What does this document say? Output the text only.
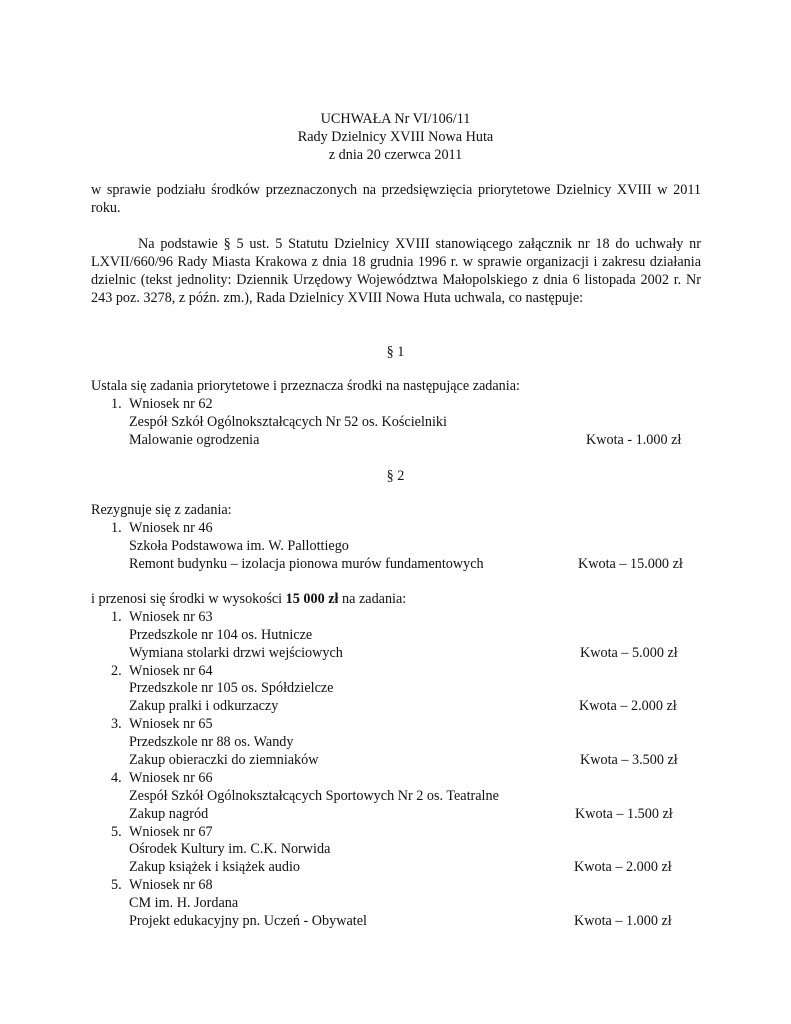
UCHWAŁA Nr VI/106/11
Rady Dzielnicy XVIII Nowa Huta
z dnia 20 czerwca 2011
w sprawie podziału środków przeznaczonych na przedsięwzięcia priorytetowe Dzielnicy XVIII w 2011 roku.
Na podstawie § 5 ust. 5 Statutu Dzielnicy XVIII stanowiącego załącznik nr 18 do uchwały nr LXVII/660/96 Rady Miasta Krakowa z dnia 18 grudnia 1996 r. w sprawie organizacji i zakresu działania dzielnic (tekst jednolity: Dziennik Urzędowy Województwa Małopolskiego z dnia 6 listopada 2002 r. Nr 243 poz. 3278, z późn. zm.), Rada Dzielnicy XVIII Nowa Huta uchwala, co następuje:
§ 1
Ustala się zadania priorytetowe i przeznacza środki na następujące zadania:
1. Wniosek nr 62
Zespół Szkół Ogólnokształcących Nr 52 os. Kościelniki
Malowanie ogrodzenia	Kwota - 1.000 zł
§ 2
Rezygnuje się z zadania:
1. Wniosek nr 46
Szkoła Podstawowa im. W. Pallottiego
Remont budynku – izolacja pionowa murów fundamentowych	Kwota – 15.000 zł
i przenosi się środki w wysokości 15 000 zł na zadania:
1. Wniosek nr 63
Przedszkole nr 104 os. Hutnicze
Wymiana stolarki drzwi wejściowych	Kwota – 5.000 zł
2. Wniosek nr 64
Przedszkole nr 105 os. Spółdzielcze
Zakup pralki i odkurzaczy	Kwota – 2.000 zł
3. Wniosek nr 65
Przedszkole nr 88 os. Wandy
Zakup obieraczki do ziemniaków	Kwota – 3.500 zł
4. Wniosek nr 66
Zespół Szkół Ogólnokształcących Sportowych Nr 2 os. Teatralne
Zakup nagród	Kwota – 1.500 zł
5. Wniosek nr 67
Ośrodek Kultury im. C.K. Norwida
Zakup książek i książek audio	Kwota – 2.000 zł
5. Wniosek nr 68
CM im. H. Jordana
Projekt edukacyjny pn. Uczeń - Obywatel	Kwota – 1.000 zł
